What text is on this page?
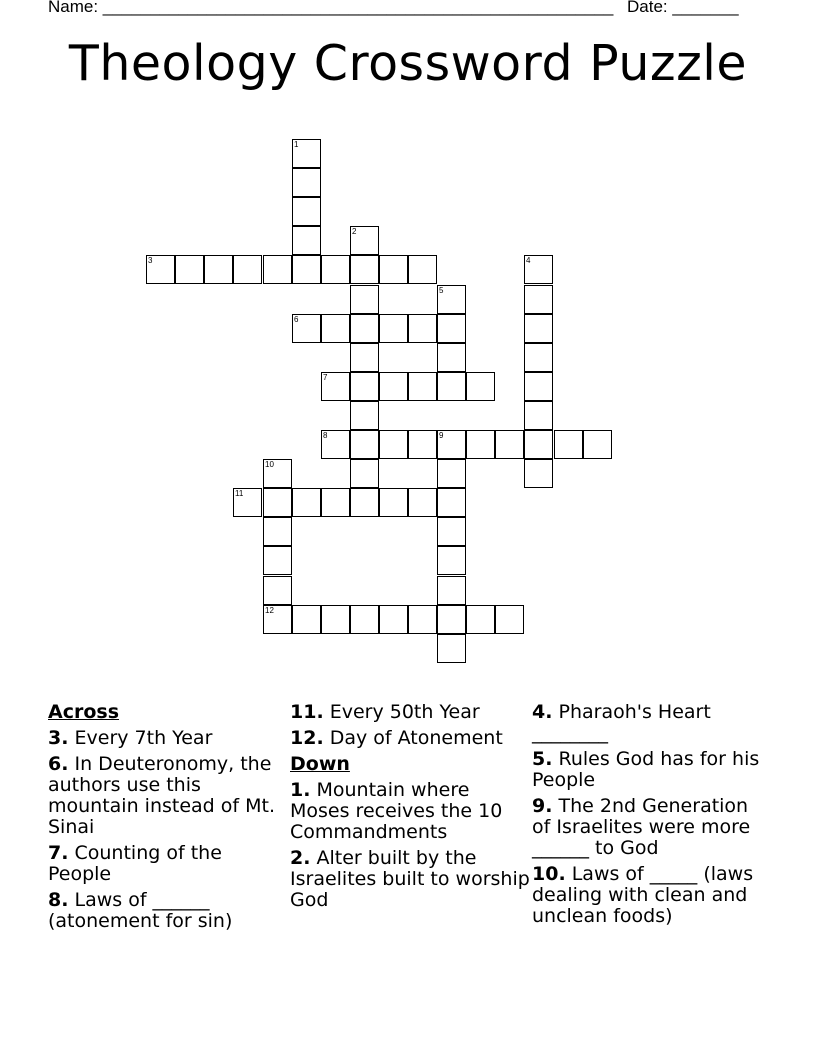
Name: ______________________________________________________ Date: _______
Theology Crossword Puzzle
1
2
3	4
5
6
7
8	9
10
12
11
Across
3. Every 7th Year
6. In Deuteronomy, the authors use this mountain instead of Mt. Sinai
7. Counting of the People
8. Laws of ______ (atonement for sin)
11. Every 50th Year
12. Day of Atonement
Down
1. Mountain where Moses receives the 10 Commandments
2. Alter built by the Israelites built to worship God
4. Pharaoh's Heart ________
5. Rules God has for his People
9. The 2nd Generation of Israelites were more ______ to God
10. Laws of _____ (laws dealing with clean and unclean foods)
